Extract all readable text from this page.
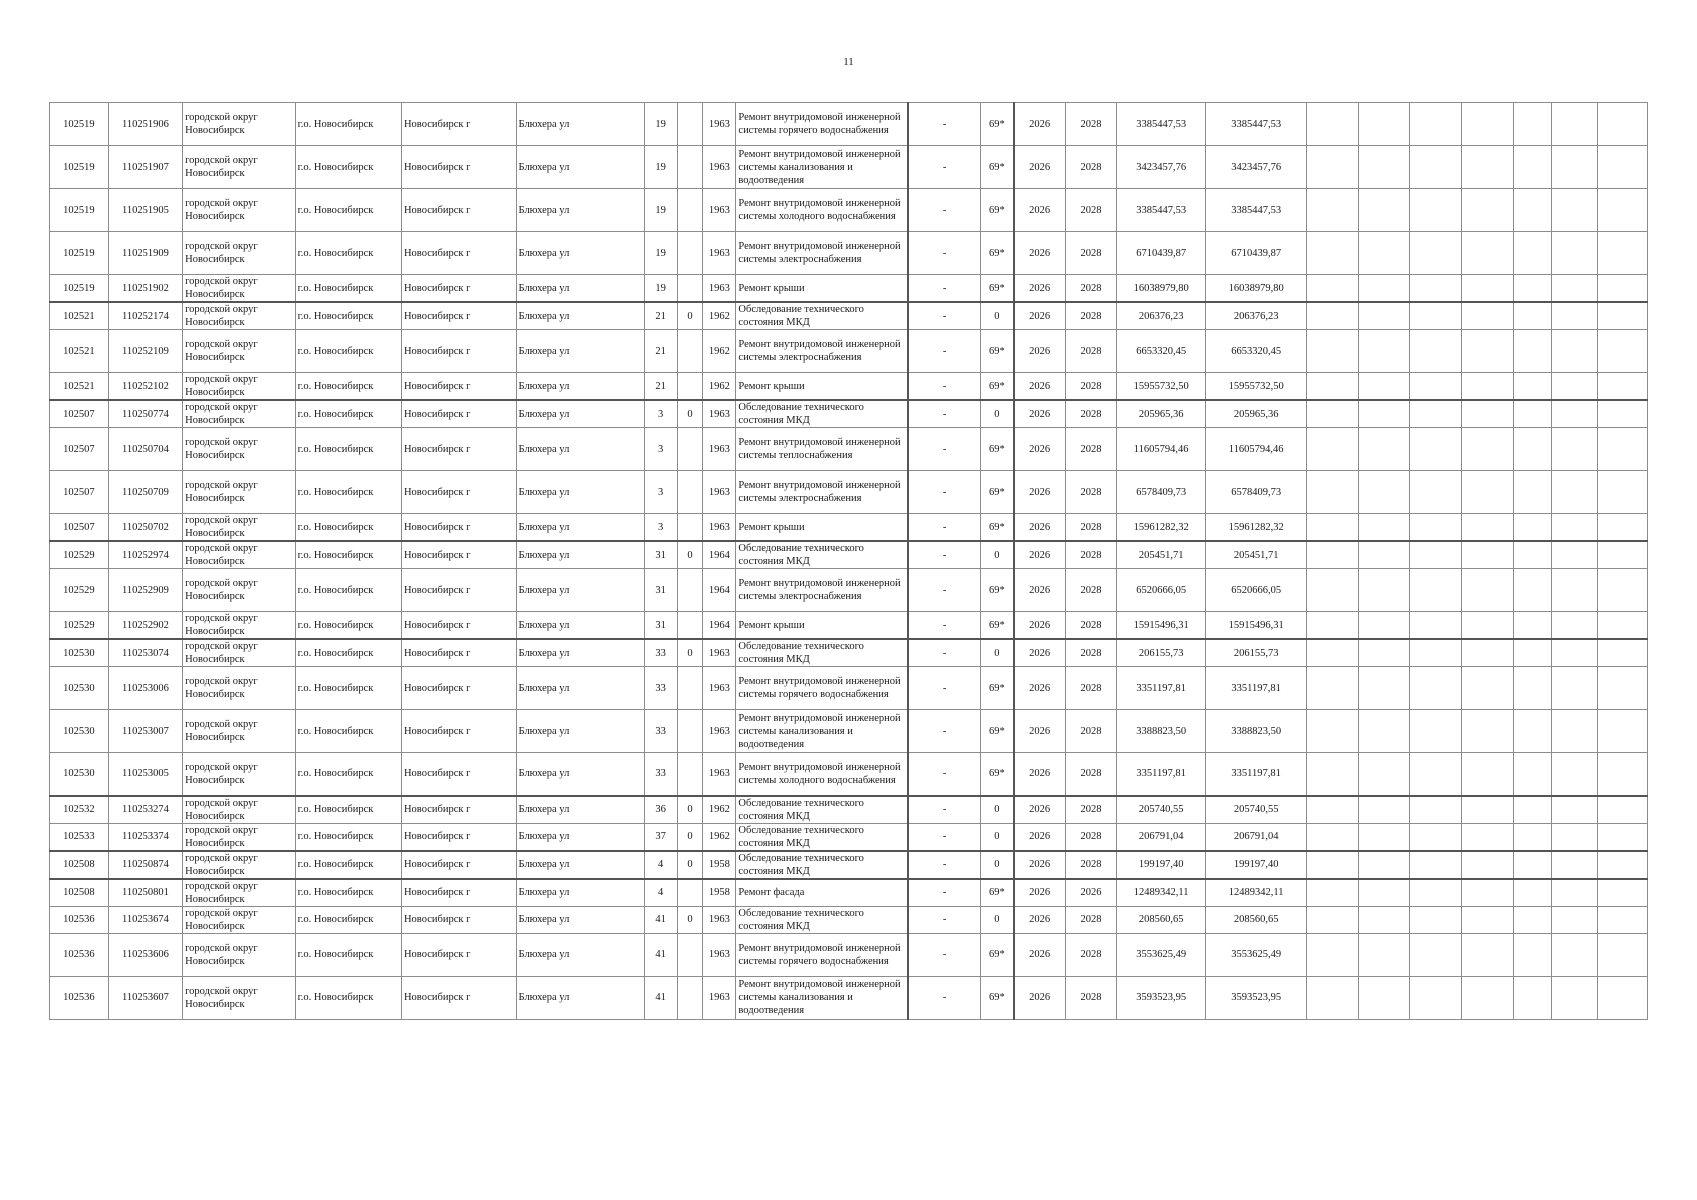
11
102519	110251906	городской округ Новосибирск	г.о. Новосибирск	Новосибирск г	Блюхера ул	19		1963	Ремонт внутридомовой инженерной системы горячего водоснабжения	-	69*	2026	2028	3385447,53	3385447,53							
102519	110251907	городской округ Новосибирск	г.о. Новосибирск	Новосибирск г	Блюхера ул	19		1963	Ремонт внутридомовой инженерной системы канализования и водоотведения	-	69*	2026	2028	3423457,76	3423457,76							
102519	110251905	городской округ Новосибирск	г.о. Новосибирск	Новосибирск г	Блюхера ул	19		1963	Ремонт внутридомовой инженерной системы холодного водоснабжения	-	69*	2026	2028	3385447,53	3385447,53							
102519	110251909	городской округ Новосибирск	г.о. Новосибирск	Новосибирск г	Блюхера ул	19		1963	Ремонт внутридомовой инженерной системы электроснабжения	-	69*	2026	2028	6710439,87	6710439,87							
102519	110251902	городской округ Новосибирск	г.о. Новосибирск	Новосибирск г	Блюхера ул	19		1963	Ремонт крыши	-	69*	2026	2028	16038979,80	16038979,80							
102521	110252174	городской округ Новосибирск	г.о. Новосибирск	Новосибирск г	Блюхера ул	21	0	1962	Обследование технического состояния МКД	-	0	2026	2028	206376,23	206376,23							
102521	110252109	городской округ Новосибирск	г.о. Новосибирск	Новосибирск г	Блюхера ул	21		1962	Ремонт внутридомовой инженерной системы электроснабжения	-	69*	2026	2028	6653320,45	6653320,45							
102521	110252102	городской округ Новосибирск	г.о. Новосибирск	Новосибирск г	Блюхера ул	21		1962	Ремонт крыши	-	69*	2026	2028	15955732,50	15955732,50							
102507	110250774	городской округ Новосибирск	г.о. Новосибирск	Новосибирск г	Блюхера ул	3	0	1963	Обследование технического состояния МКД	-	0	2026	2028	205965,36	205965,36							
102507	110250704	городской округ Новосибирск	г.о. Новосибирск	Новосибирск г	Блюхера ул	3		1963	Ремонт внутридомовой инженерной системы теплоснабжения	-	69*	2026	2028	11605794,46	11605794,46							
102507	110250709	городской округ Новосибирск	г.о. Новосибирск	Новосибирск г	Блюхера ул	3		1963	Ремонт внутридомовой инженерной системы электроснабжения	-	69*	2026	2028	6578409,73	6578409,73							
102507	110250702	городской округ Новосибирск	г.о. Новосибирск	Новосибирск г	Блюхера ул	3		1963	Ремонт крыши	-	69*	2026	2028	15961282,32	15961282,32							
102529	110252974	городской округ Новосибирск	г.о. Новосибирск	Новосибирск г	Блюхера ул	31	0	1964	Обследование технического состояния МКД	-	0	2026	2028	205451,71	205451,71							
102529	110252909	городской округ Новосибирск	г.о. Новосибирск	Новосибирск г	Блюхера ул	31		1964	Ремонт внутридомовой инженерной системы электроснабжения	-	69*	2026	2028	6520666,05	6520666,05							
102529	110252902	городской округ Новосибирск	г.о. Новосибирск	Новосибирск г	Блюхера ул	31		1964	Ремонт крыши	-	69*	2026	2028	15915496,31	15915496,31							
102530	110253074	городской округ Новосибирск	г.о. Новосибирск	Новосибирск г	Блюхера ул	33	0	1963	Обследование технического состояния МКД	-	0	2026	2028	206155,73	206155,73							
102530	110253006	городской округ Новосибирск	г.о. Новосибирск	Новосибирск г	Блюхера ул	33		1963	Ремонт внутридомовой инженерной системы горячего водоснабжения	-	69*	2026	2028	3351197,81	3351197,81							
102530	110253007	городской округ Новосибирск	г.о. Новосибирск	Новосибирск г	Блюхера ул	33		1963	Ремонт внутридомовой инженерной системы канализования и водоотведения	-	69*	2026	2028	3388823,50	3388823,50							
102530	110253005	городской округ Новосибирск	г.о. Новосибирск	Новосибирск г	Блюхера ул	33		1963	Ремонт внутридомовой инженерной системы холодного водоснабжения	-	69*	2026	2028	3351197,81	3351197,81							
102532	110253274	городской округ Новосибирск	г.о. Новосибирск	Новосибирск г	Блюхера ул	36	0	1962	Обследование технического состояния МКД	-	0	2026	2028	205740,55	205740,55							
102533	110253374	городской округ Новосибирск	г.о. Новосибирск	Новосибирск г	Блюхера ул	37	0	1962	Обследование технического состояния МКД	-	0	2026	2028	206791,04	206791,04							
102508	110250874	городской округ Новосибирск	г.о. Новосибирск	Новосибирск г	Блюхера ул	4	0	1958	Обследование технического состояния МКД	-	0	2026	2028	199197,40	199197,40							
102508	110250801	городской округ Новосибирск	г.о. Новосибирск	Новосибирск г	Блюхера ул	4		1958	Ремонт фасада	-	69*	2026	2026	12489342,11	12489342,11							
102536	110253674	городской округ Новосибирск	г.о. Новосибирск	Новосибирск г	Блюхера ул	41	0	1963	Обследование технического состояния МКД	-	0	2026	2028	208560,65	208560,65							
102536	110253606	городской округ Новосибирск	г.о. Новосибирск	Новосибирск г	Блюхера ул	41		1963	Ремонт внутридомовой инженерной системы горячего водоснабжения	-	69*	2026	2028	3553625,49	3553625,49							
102536	110253607	городской округ Новосибирск	г.о. Новосибирск	Новосибирск г	Блюхера ул	41		1963	Ремонт внутридомовой инженерной системы канализования и водоотведения	-	69*	2026	2028	3593523,95	3593523,95							
